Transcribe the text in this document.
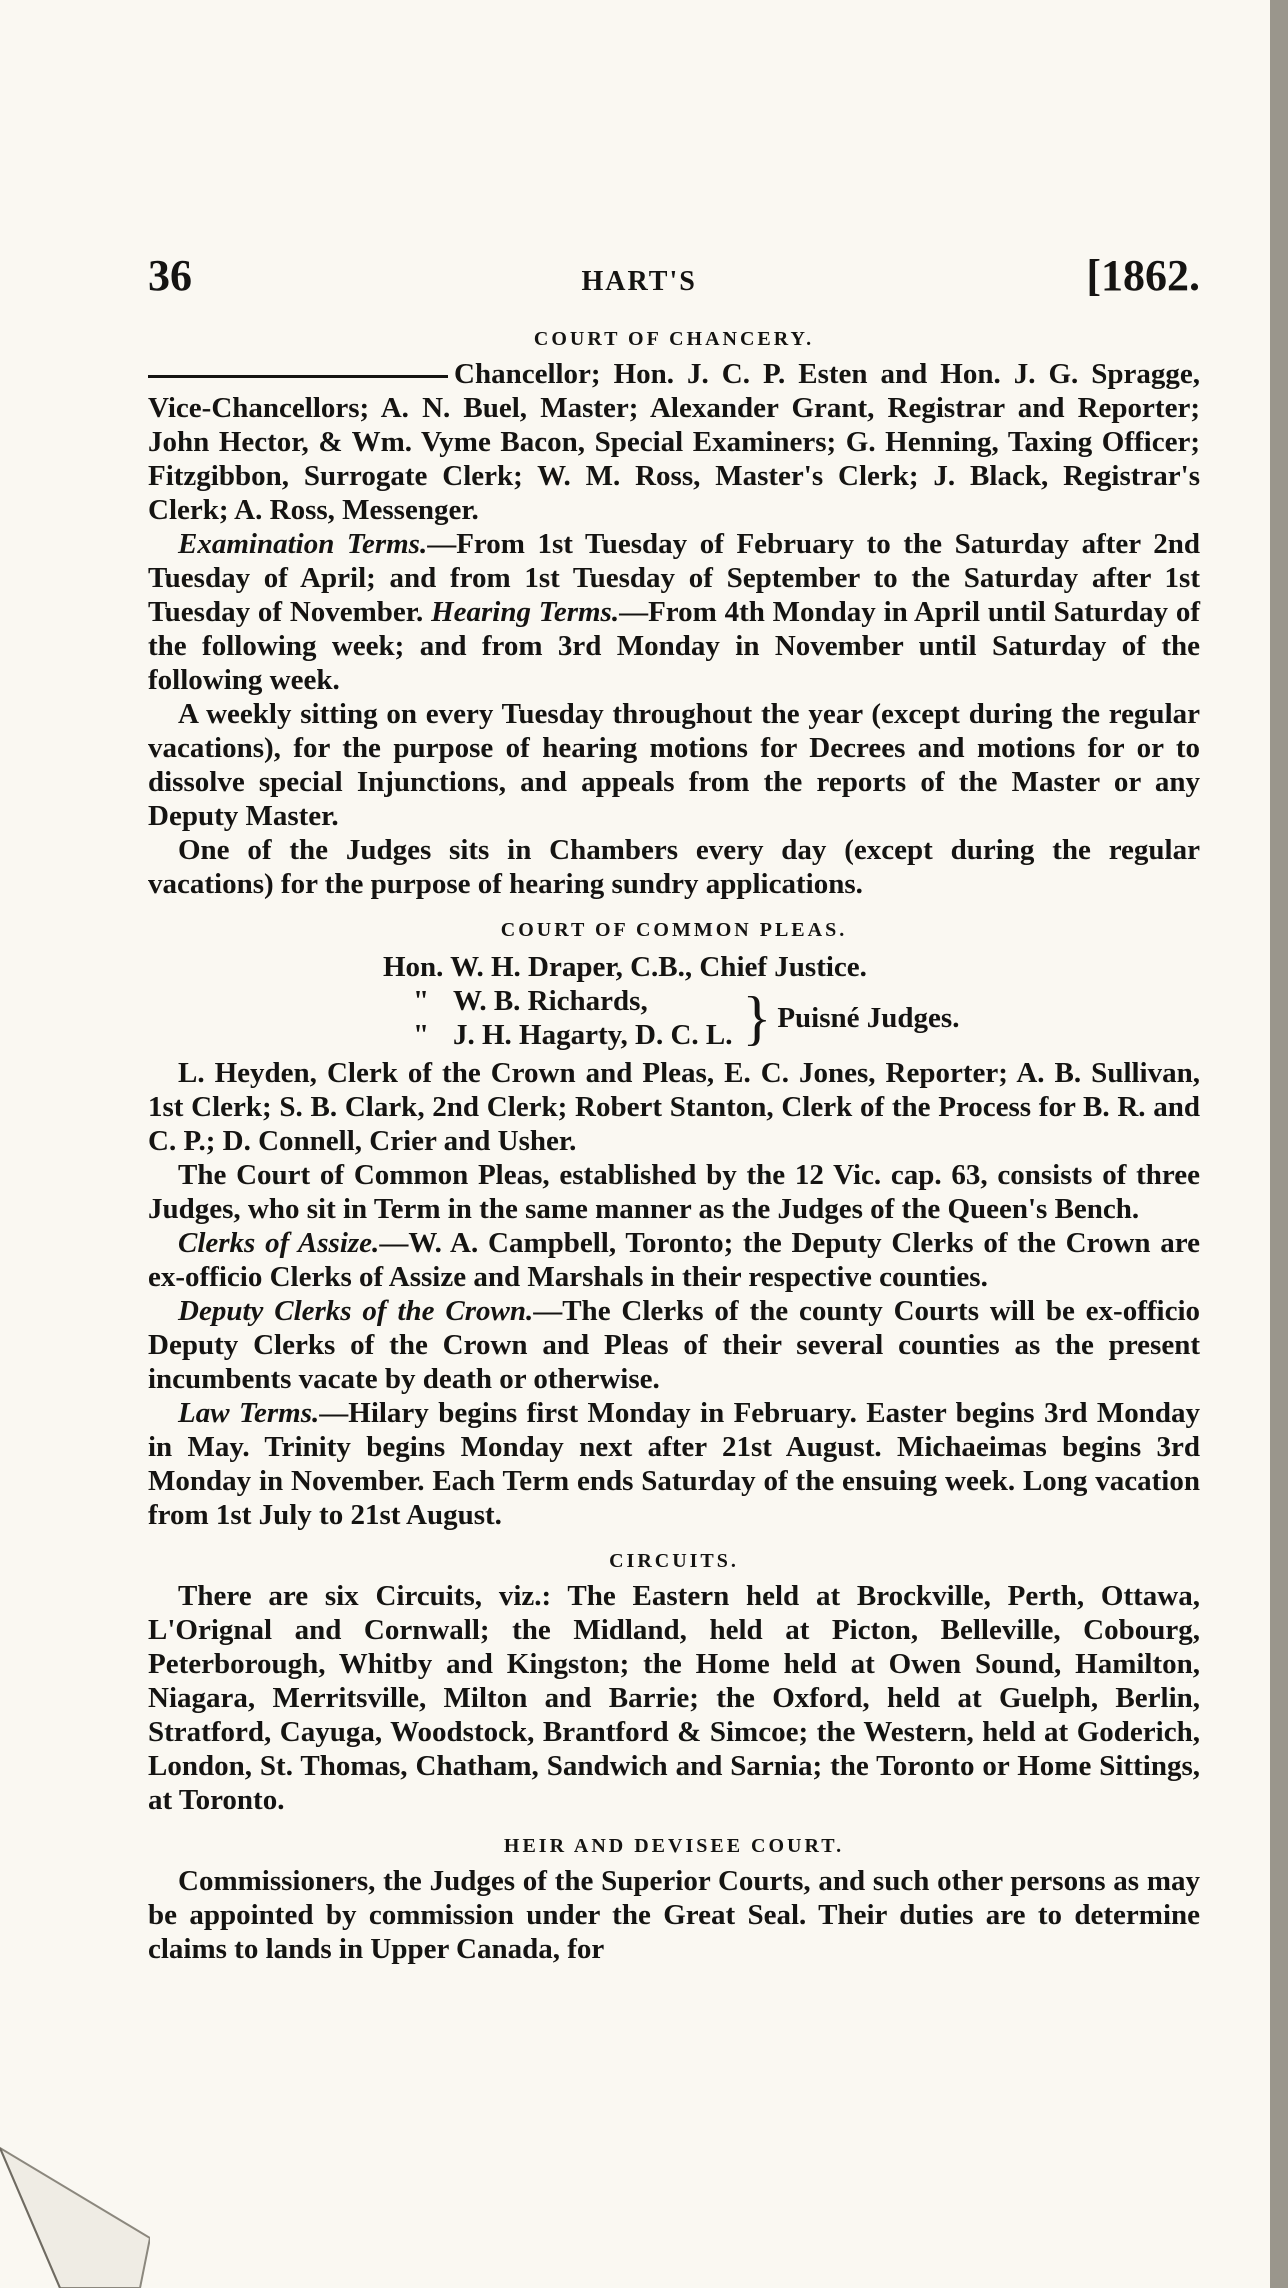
36	HART'S	[1862.
COURT OF CHANCERY.

Chancellor; Hon. J. C. P. Esten and Hon. J. G. Spragge, Vice-Chancellors; A. N. Buel, Master; Alexander Grant, Registrar and Reporter; John Hector, & Wm. Vyme Bacon, Special Examiners; G. Henning, Taxing Officer; Fitzgibbon, Surrogate Clerk; W. M. Ross, Master's Clerk; J. Black, Registrar's Clerk; A. Ross, Messenger.

Examination Terms.—From 1st Tuesday of February to the Saturday after 2nd Tuesday of April; and from 1st Tuesday of September to the Saturday after 1st Tuesday of November. Hearing Terms.—From 4th Monday in April until Saturday of the following week; and from 3rd Monday in November until Saturday of the following week.

A weekly sitting on every Tuesday throughout the year (except during the regular vacations), for the purpose of hearing motions for Decrees and motions for or to dissolve special Injunctions, and appeals from the reports of the Master or any Deputy Master.

One of the Judges sits in Chambers every day (except during the regular vacations) for the purpose of hearing sundry applications.

COURT OF COMMON PLEAS.
Hon. W. H. Draper, C.B., Chief Justice.
" W. B. Richards,
" J. H. Hagarty, D. C. L. } Puisné Judges.

L. Heyden, Clerk of the Crown and Pleas, E. C. Jones, Reporter; A. B. Sullivan, 1st Clerk; S. B. Clark, 2nd Clerk; Robert Stanton, Clerk of the Process for B. R. and C. P.; D. Connell, Crier and Usher.

The Court of Common Pleas, established by the 12 Vic. cap. 63, consists of three Judges, who sit in Term in the same manner as the Judges of the Queen's Bench.

Clerks of Assize.—W. A. Campbell, Toronto; the Deputy Clerks of the Crown are ex-officio Clerks of Assize and Marshals in their respective counties.

Deputy Clerks of the Crown.—The Clerks of the county Courts will be ex-officio Deputy Clerks of the Crown and Pleas of their several counties as the present incumbents vacate by death or otherwise.

Law Terms.—Hilary begins first Monday in February. Easter begins 3rd Monday in May. Trinity begins Monday next after 21st August. Michaeimas begins 3rd Monday in November. Each Term ends Saturday of the ensuing week. Long vacation from 1st July to 21st August.

CIRCUITS.

There are six Circuits, viz.: The Eastern held at Brockville, Perth, Ottawa, L'Orignal and Cornwall; the Midland, held at Picton, Belleville, Cobourg, Peterborough, Whitby and Kingston; the Home held at Owen Sound, Hamilton, Niagara, Merritsville, Milton and Barrie; the Oxford, held at Guelph, Berlin, Stratford, Cayuga, Woodstock, Brantford & Simcoe; the Western, held at Goderich, London, St. Thomas, Chatham, Sandwich and Sarnia; the Toronto or Home Sittings, at Toronto.

HEIR AND DEVISEE COURT.

Commissioners, the Judges of the Superior Courts, and such other persons as may be appointed by commission under the Great Seal. Their duties are to determine claims to lands in Upper Canada, for
